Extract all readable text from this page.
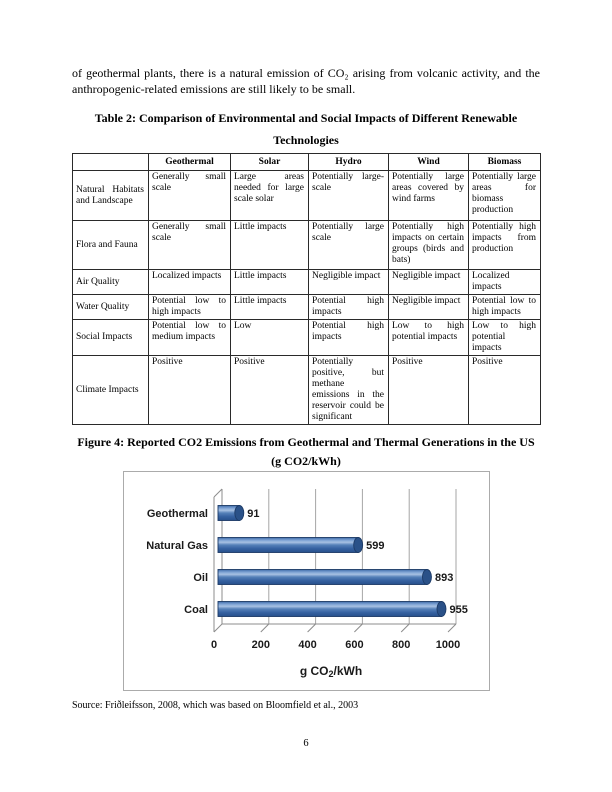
of geothermal plants, there is a natural emission of CO₂ arising from volcanic activity, and the anthropogenic-related emissions are still likely to be small.

Table 2: Comparison of Environmental and Social Impacts of Different Renewable
Technologies
	Geothermal	Solar	Hydro	Wind	Biomass
Natural Habitats and Landscape	Generally small scale	Large areas needed for large scale solar	Potentially large-scale	Potentially large areas covered by wind farms	Potentially large areas for biomass production
Flora and Fauna	Generally small scale	Little impacts	Potentially large scale	Potentially high impacts on certain groups (birds and bats)	Potentially high impacts from production
Air Quality	Localized impacts	Little impacts	Negligible impact	Negligible impact	Localized impacts
Water Quality	Potential low to high impacts	Little impacts	Potential high impacts	Negligible impact	Potential low to high impacts
Social Impacts	Potential low to medium impacts	Low	Potential high impacts	Low to high potential impacts	Low to high potential impacts
Climate Impacts	Positive	Positive	Potentially positive, but methane emissions in the reservoir could be significant	Positive	Positive
Figure 4: Reported CO2 Emissions from Geothermal and Thermal Generations in the US
(g CO2/kWh)
91
Geothermal
599
Natural Gas
893
Oil
955
Coal
0	200	400	600	800 1000
g CO2/kWh

Source: Friðleifsson, 2008, which was based on Bloomfield et al., 2003

6
